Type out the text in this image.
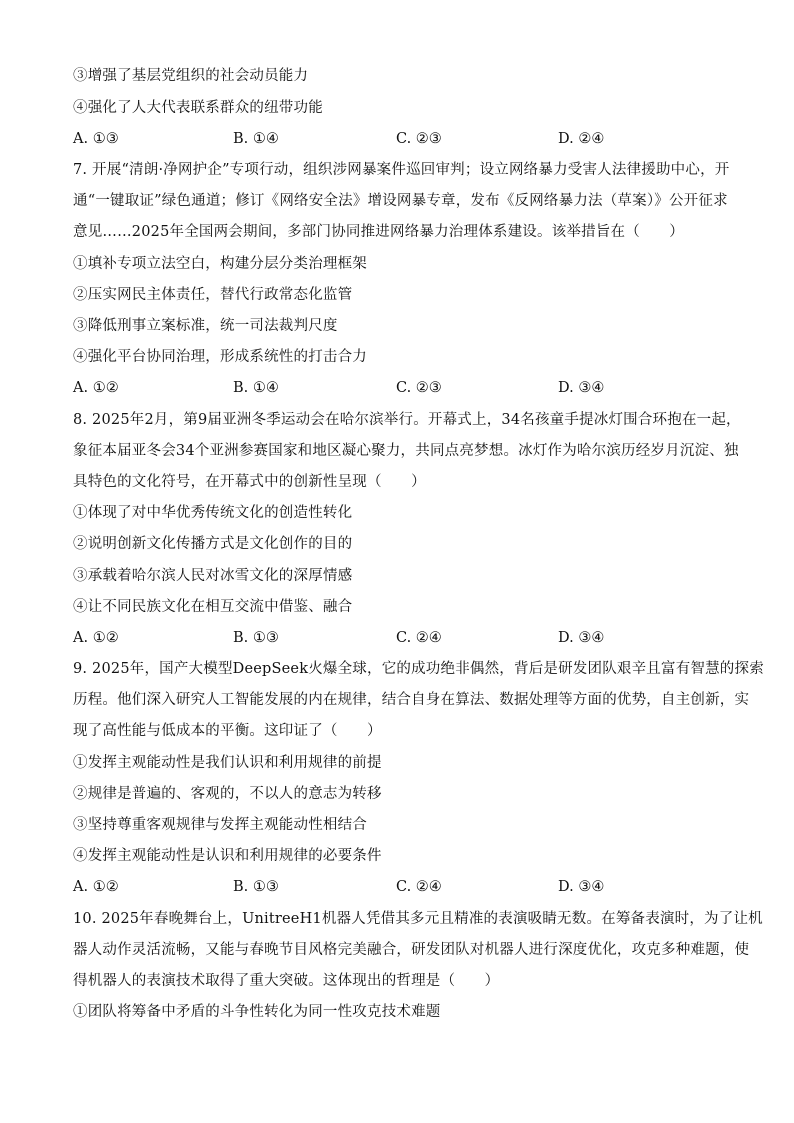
③增强了基层党组织的社会动员能力
④强化了人大代表联系群众的纽带功能
A. ①③	B. ①④	C. ②③	D. ②④
7. 开展“清朗·净网护企”专项行动，组织涉网暴案件巡回审判；设立网络暴力受害人法律援助中心，开
通“一键取证”绿色通道；修订《网络安全法》增设网暴专章，发布《反网络暴力法（草案）》公开征求
意见……2025年全国两会期间，多部门协同推进网络暴力治理体系建设。该举措旨在（　　）
①填补专项立法空白，构建分层分类治理框架
②压实网民主体责任，替代行政常态化监管
③降低刑事立案标准，统一司法裁判尺度
④强化平台协同治理，形成系统性的打击合力
A. ①②	B. ①④	C. ②③	D. ③④
8. 2025年2月，第9届亚洲冬季运动会在哈尔滨举行。开幕式上，34名孩童手提冰灯围合环抱在一起，
象征本届亚冬会34个亚洲参赛国家和地区凝心聚力，共同点亮梦想。冰灯作为哈尔滨历经岁月沉淀、独
具特色的文化符号，在开幕式中的创新性呈现（　　）
①体现了对中华优秀传统文化的创造性转化
②说明创新文化传播方式是文化创作的目的
③承载着哈尔滨人民对冰雪文化的深厚情感
④让不同民族文化在相互交流中借鉴、融合
A. ①②	B. ①③	C. ②④	D. ③④
9. 2025年，国产大模型DeepSeek火爆全球，它的成功绝非偶然，背后是研发团队艰辛且富有智慧的探索
历程。他们深入研究人工智能发展的内在规律，结合自身在算法、数据处理等方面的优势，自主创新，实
现了高性能与低成本的平衡。这印证了（　　）
①发挥主观能动性是我们认识和利用规律的前提
②规律是普遍的、客观的，不以人的意志为转移
③坚持尊重客观规律与发挥主观能动性相结合
④发挥主观能动性是认识和利用规律的必要条件
A. ①②	B. ①③	C. ②④	D. ③④
10. 2025年春晚舞台上，UnitreeH1机器人凭借其多元且精准的表演吸睛无数。在筹备表演时，为了让机
器人动作灵活流畅，又能与春晚节目风格完美融合，研发团队对机器人进行深度优化，攻克多种难题，使
得机器人的表演技术取得了重大突破。这体现出的哲理是（　　）
①团队将筹备中矛盾的斗争性转化为同一性攻克技术难题
